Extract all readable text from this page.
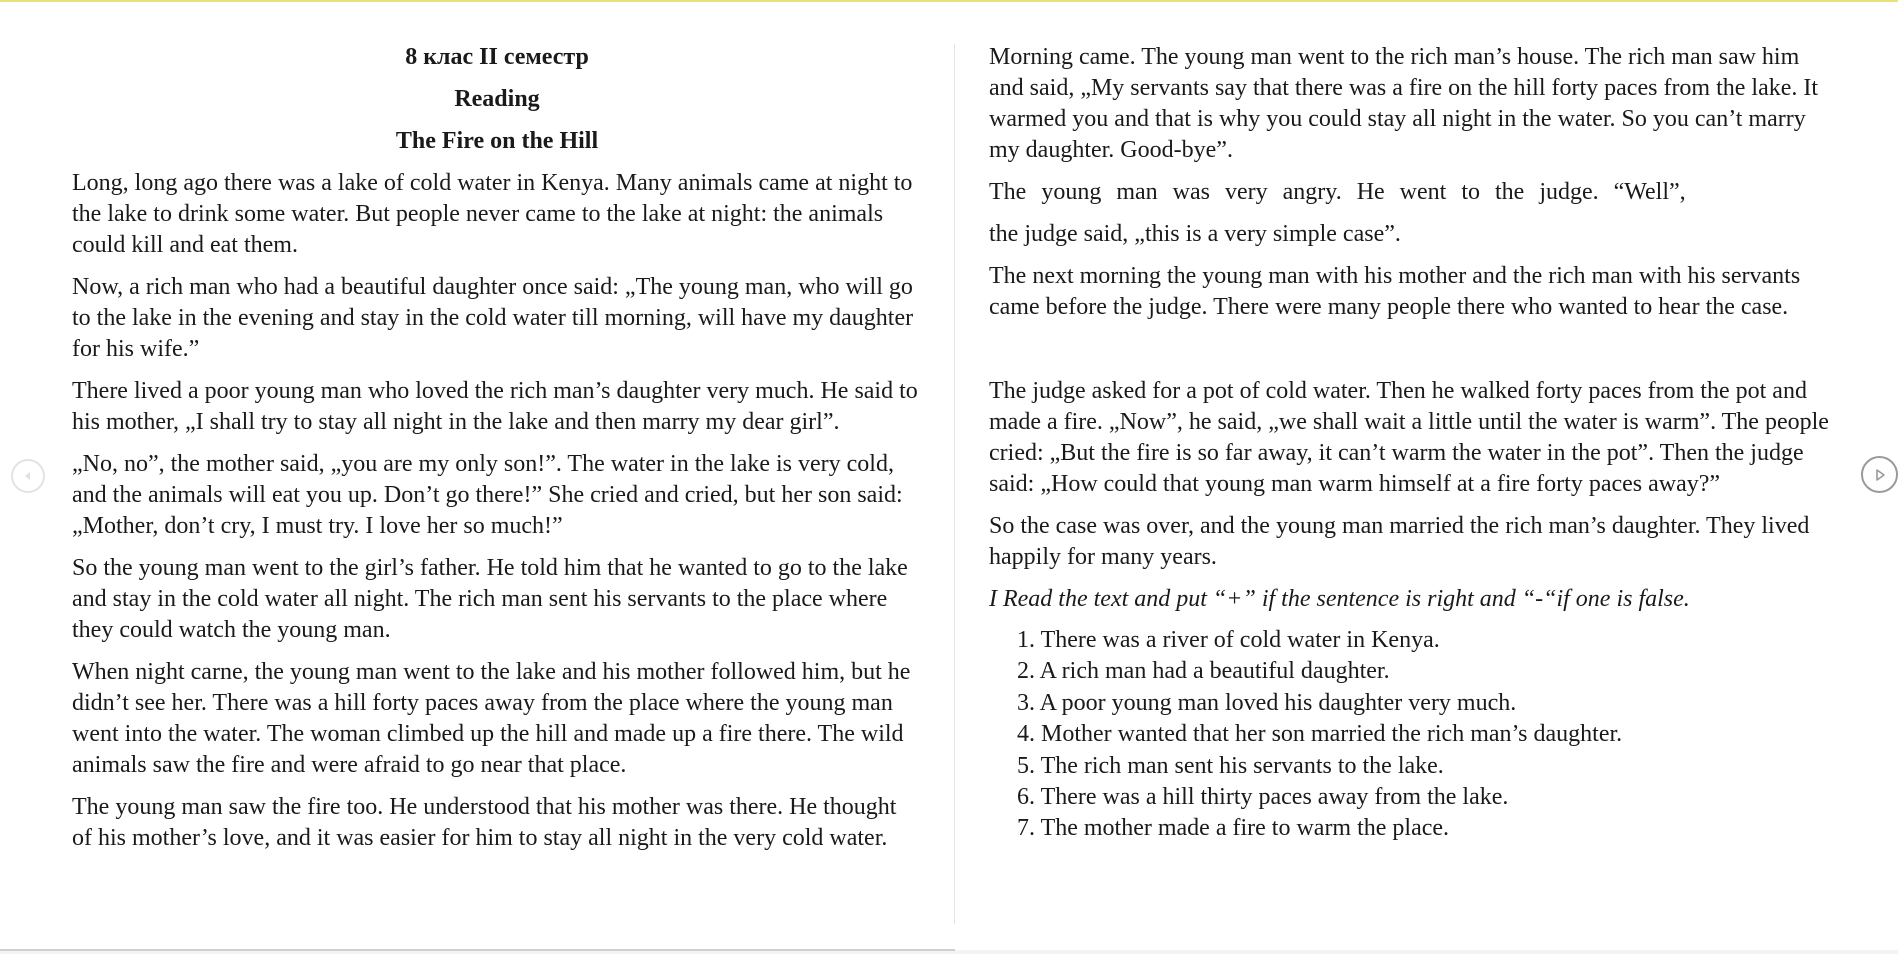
8 клас II семестр
Reading
The Fire on the Hill

Long, long ago there was a lake of cold water in Kenya. Many animals came at night to the lake to drink some water. But people never came to the lake at night: the animals could kill and eat them.

Now, a rich man who had a beautiful daughter once said: „The young man, who will go to the lake in the evening and stay in the cold water till morning, will have my daughter for his wife.”

There lived a poor young man who loved the rich man’s daughter very much. He said to his mother, „I shall try to stay all night in the lake and then marry my dear girl”.

„No, no”, the mother said, „you are my only son!”. The water in the lake is very cold, and the animals will eat you up. Don’t go there!” She cried and cried, but her son said: „Mother, don’t cry, I must try. I love her so much!”

So the young man went to the girl’s father. He told him that he wanted to go to the lake and stay in the cold water all night. The rich man sent his servants to the place where they could watch the young man.

When night carne, the young man went to the lake and his mother followed him, but he didn’t see her. There was a hill forty paces away from the place where the young man went into the water. The woman climbed up the hill and made up a fire there. The wild animals saw the fire and were afraid to go near that place.

The young man saw the fire too. He understood that his mother was there. He thought of his mother’s love, and it was easier for him to stay all night in the very cold water.

Morning came. The young man went to the rich man’s house. The rich man saw him and said, „My servants say that there was a fire on the hill forty paces from the lake. It warmed you and that is why you could stay all night in the water. So you can’t marry my daughter. Good-bye”.

The young man was very angry. He went to the judge. “Well”,

the judge said, „this is a very simple case”.

The next morning the young man with his mother and the rich man with his servants came before the judge. There were many people there who wanted to hear the case.

The judge asked for a pot of cold water. Then he walked forty paces from the pot and made a fire. „Now”, he said, „we shall wait a little until the water is warm”. The people cried: „But the fire is so far away, it can’t warm the water in the pot”. Then the judge said: „How could that young man warm himself at a fire forty paces away?”

So the case was over, and the young man married the rich man’s daughter. They lived happily for many years.

I Read the text and put “+” if the sentence is right and “-“if one is false.
1. There was a river of cold water in Kenya.
2. A rich man had a beautiful daughter.
3. A poor young man loved his daughter very much.
4. Mother wanted that her son married the rich man’s daughter.
5. The rich man sent his servants to the lake.
6. There was a hill thirty paces away from the lake.
7. The mother made a fire to warm the place.
